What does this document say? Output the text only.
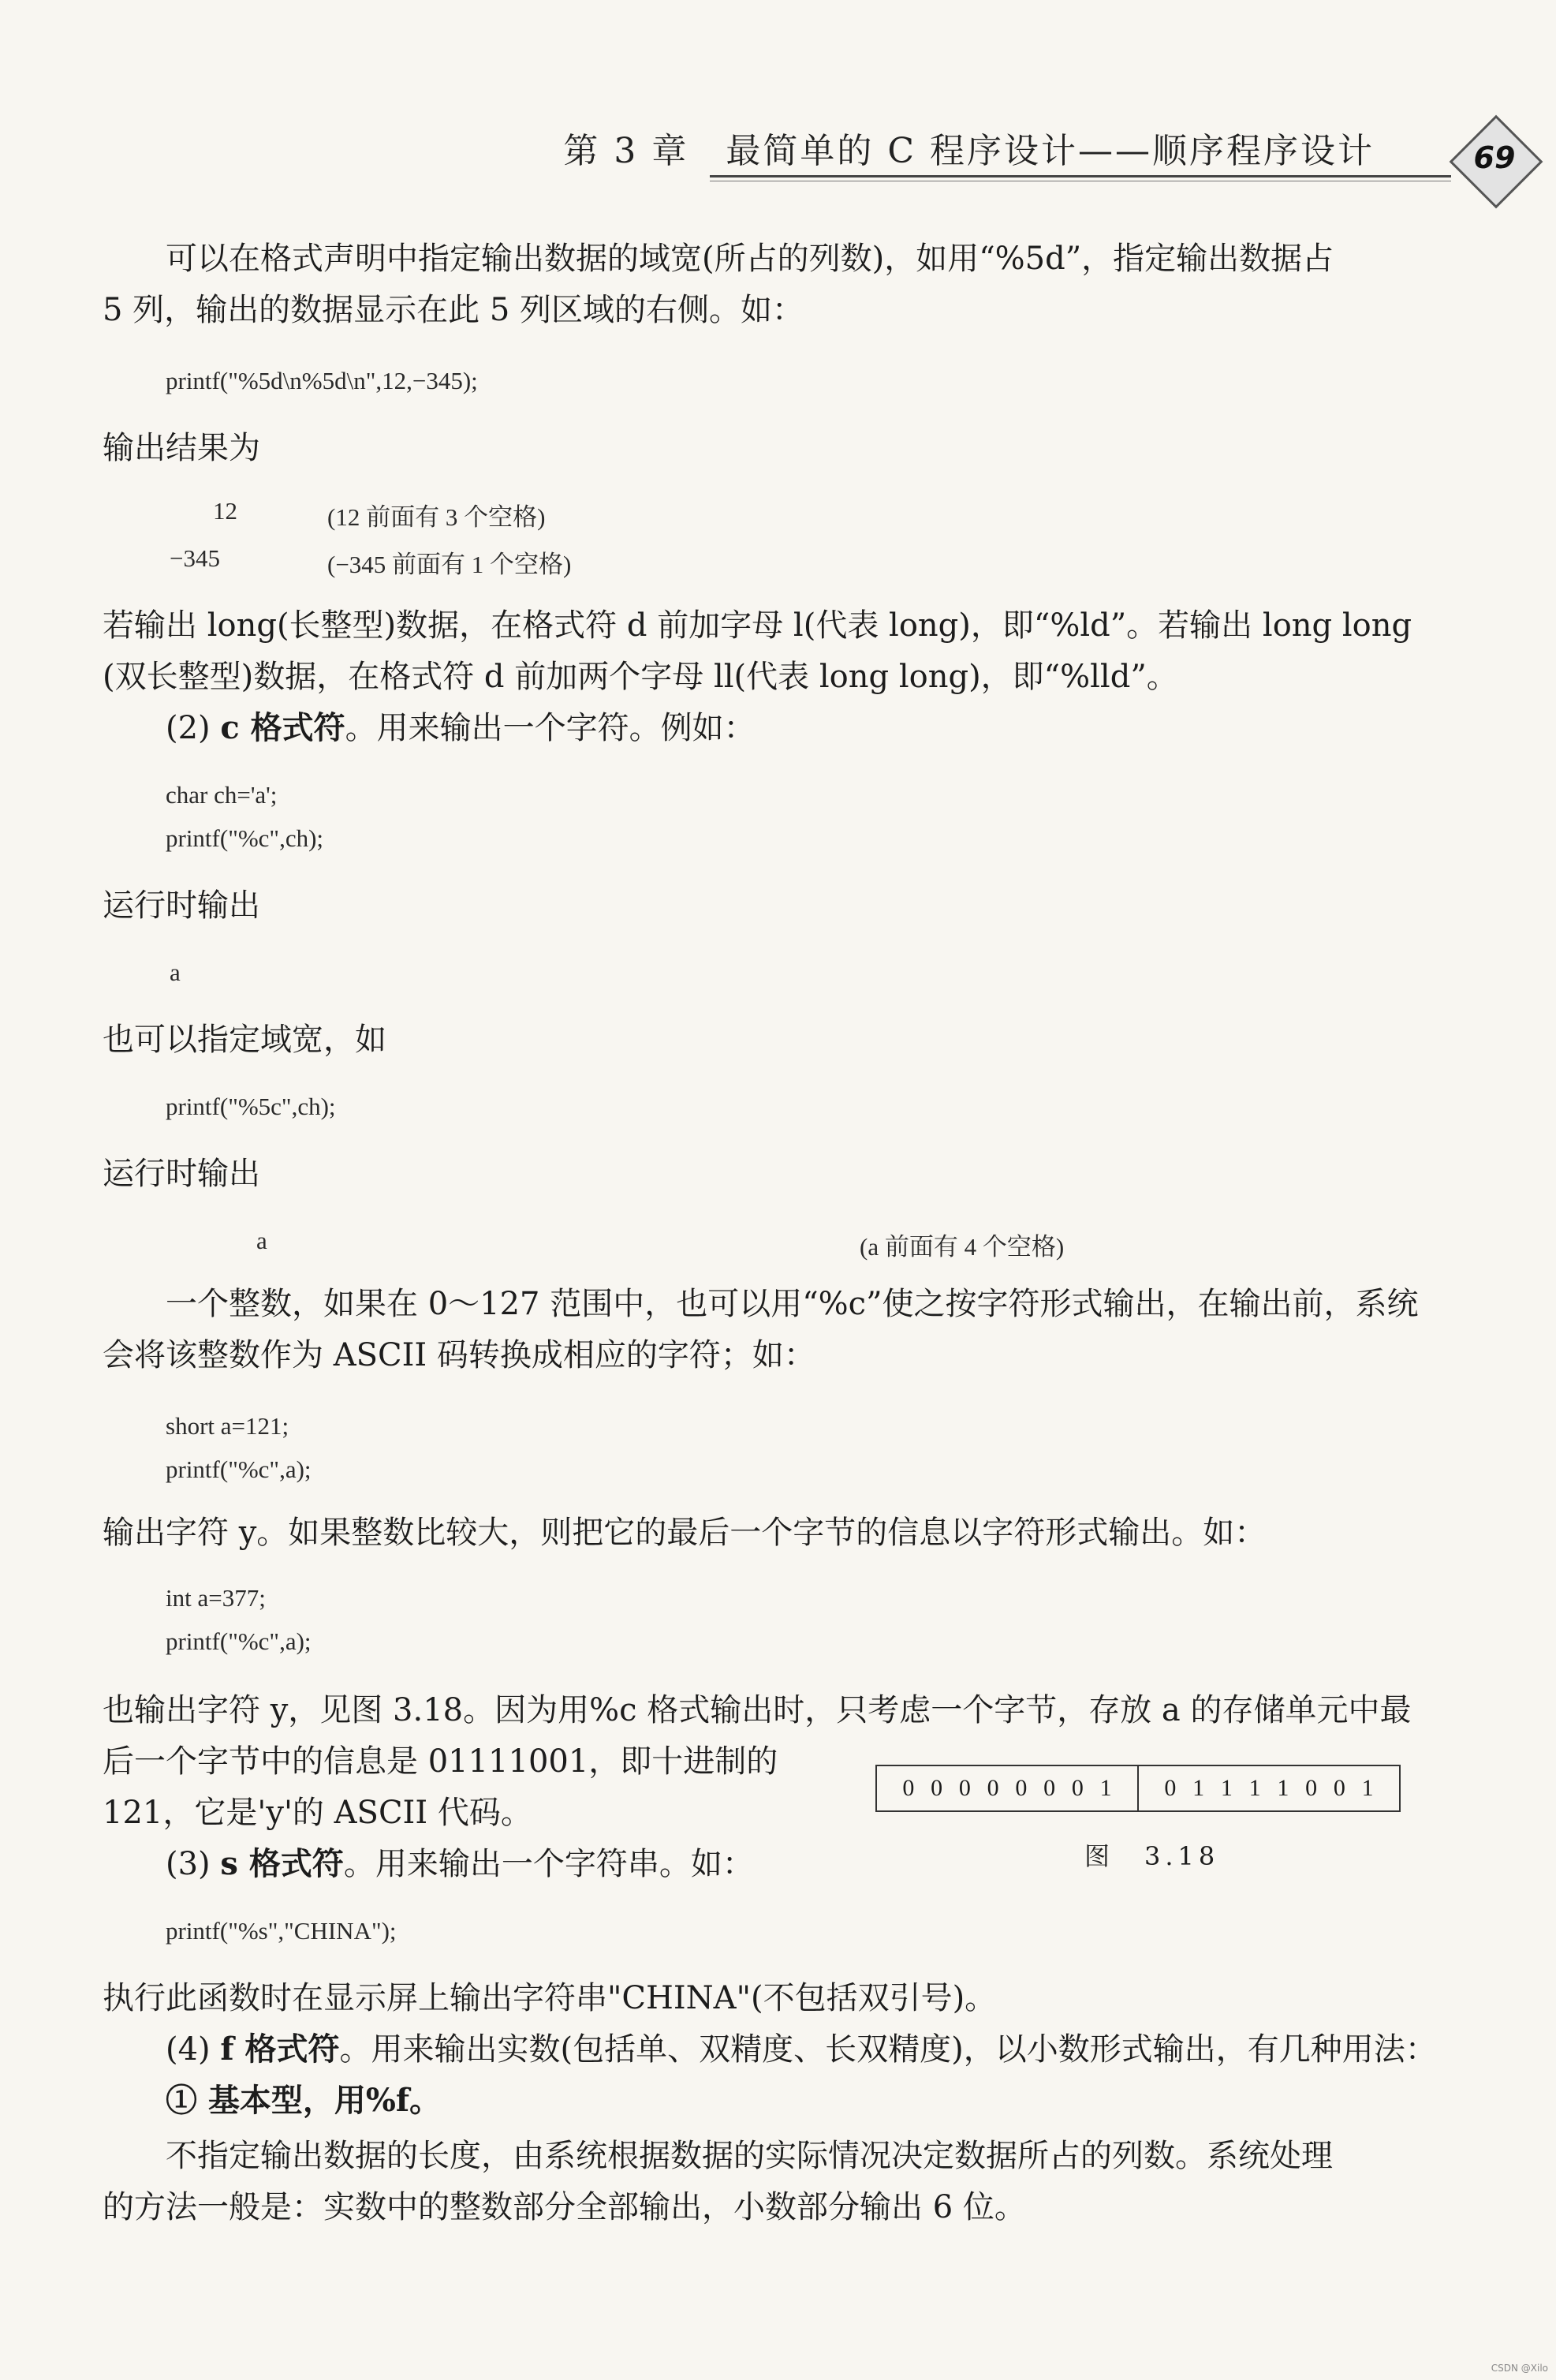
第 3 章　最简单的 C 程序设计——顺序程序设计	69
可以在格式声明中指定输出数据的域宽(所占的列数)，如用“%5d”，指定输出数据占
5 列，输出的数据显示在此 5 列区域的右侧。如：
printf("%5d\n%5d\n",12,−345);
输出结果为
12	(12 前面有 3 个空格)
−345	(−345 前面有 1 个空格)
若输出 long(长整型)数据，在格式符 d 前加字母 l(代表 long)，即“%ld”。若输出 long long
(双长整型)数据，在格式符 d 前加两个字母 ll(代表 long long)，即“%lld”。
(2) c 格式符。用来输出一个字符。例如：
char ch='a';
printf("%c",ch);
运行时输出
a
也可以指定域宽，如
printf("%5c",ch);
运行时输出
a	(a 前面有 4 个空格)
一个整数，如果在 0～127 范围中，也可以用“%c”使之按字符形式输出，在输出前，系统
会将该整数作为 ASCII 码转换成相应的字符；如：
short a=121;
printf("%c",a);
输出字符 y。如果整数比较大，则把它的最后一个字节的信息以字符形式输出。如：
int a=377;
printf("%c",a);
也输出字符 y，见图 3.18。因为用%c 格式输出时，只考虑一个字节，存放 a 的存储单元中最
后一个字节中的信息是 01111001，即十进制的
121，它是'y'的 ASCII 代码。
0 0 0 0 0 0 0 1 0 1 1 1 1 0 0 1
图　3.18
(3) s 格式符。用来输出一个字符串。如：
printf("%s","CHINA");
执行此函数时在显示屏上输出字符串"CHINA"(不包括双引号)。
(4) f 格式符。用来输出实数(包括单、双精度、长双精度)，以小数形式输出，有几种用法：
① 基本型，用%f。
不指定输出数据的长度，由系统根据数据的实际情况决定数据所占的列数。系统处理
的方法一般是：实数中的整数部分全部输出，小数部分输出 6 位。
CSDN @Xilo
